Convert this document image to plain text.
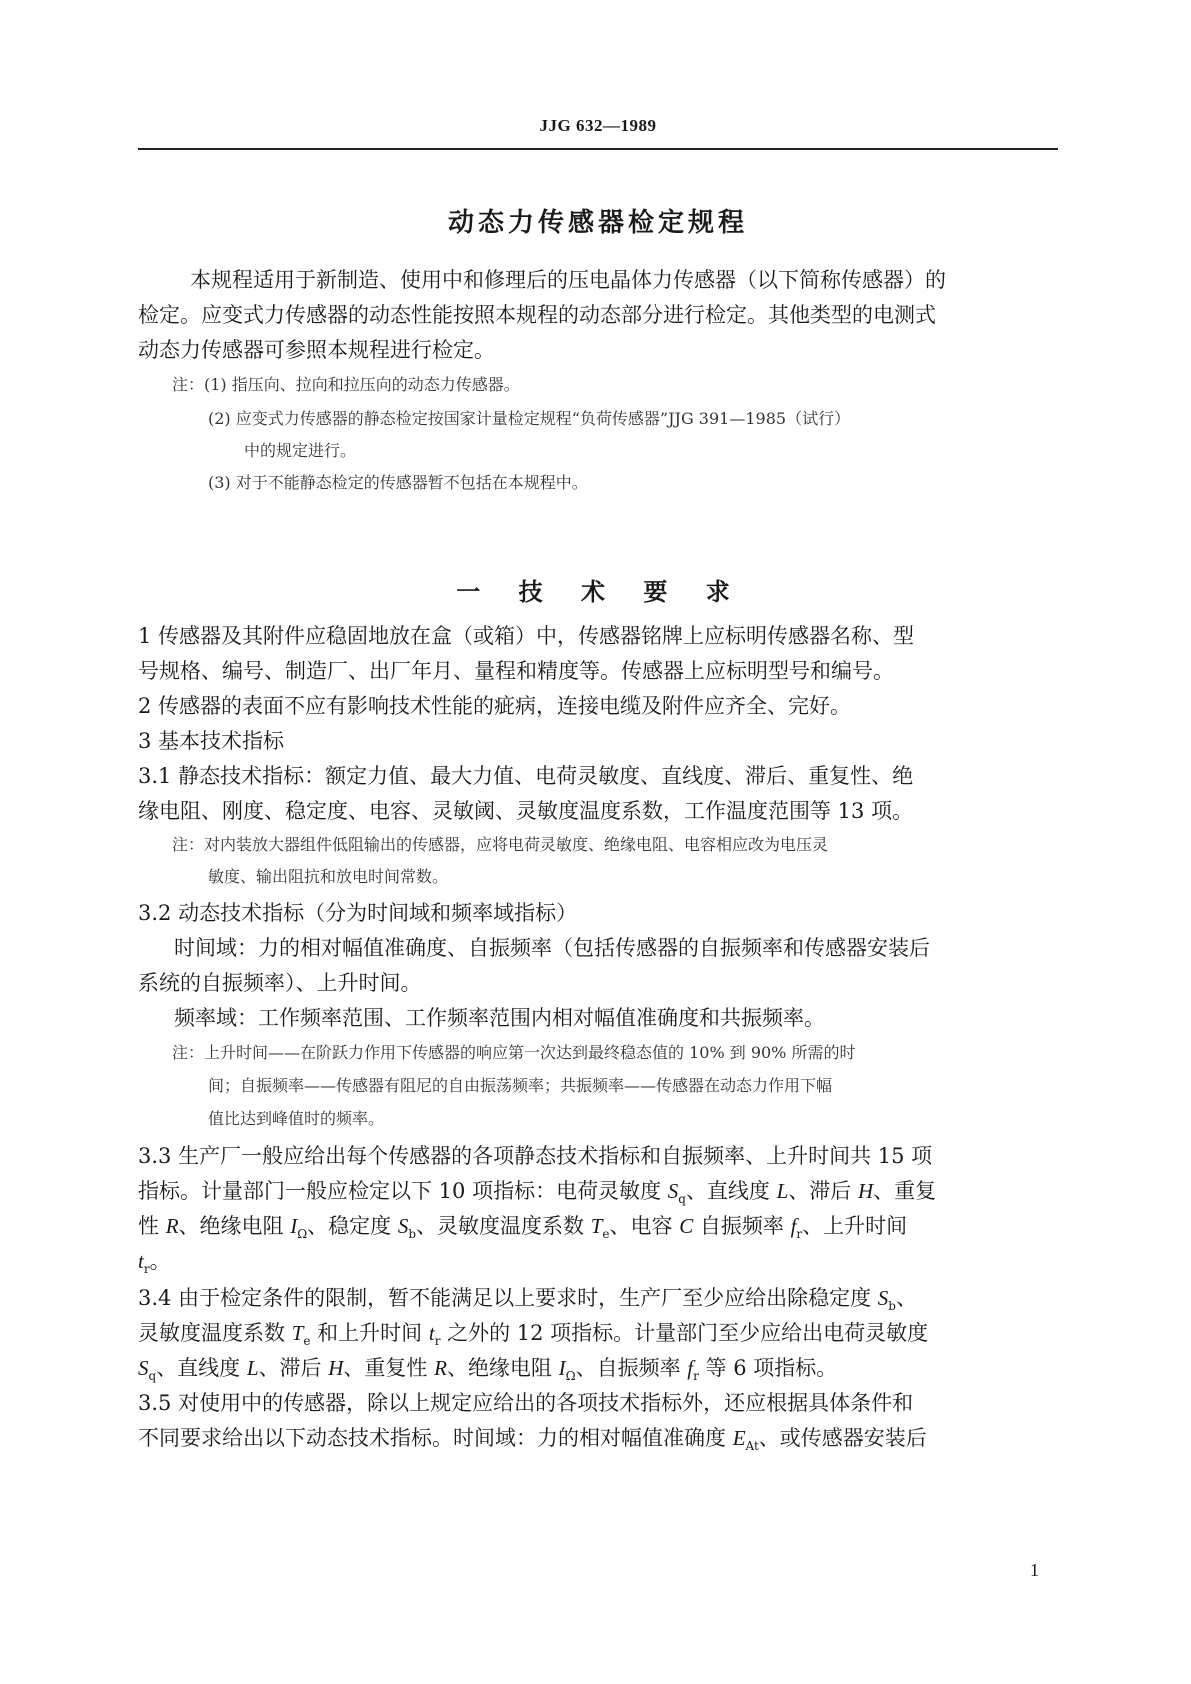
JJG 632—1989
动态力传感器检定规程
本规程适用于新制造、使用中和修理后的压电晶体力传感器（以下简称传感器）的
检定。应变式力传感器的动态性能按照本规程的动态部分进行检定。其他类型的电测式
动态力传感器可参照本规程进行检定。
注：(1) 指压向、拉向和拉压向的动态力传感器。
(2) 应变式力传感器的静态检定按国家计量检定规程“负荷传感器”JJG 391—1985（试行）
中的规定进行。
(3) 对于不能静态检定的传感器暂不包括在本规程中。
一 技 术 要 求
1 传感器及其附件应稳固地放在盒（或箱）中，传感器铭牌上应标明传感器名称、型
号规格、编号、制造厂、出厂年月、量程和精度等。传感器上应标明型号和编号。
2 传感器的表面不应有影响技术性能的疵病，连接电缆及附件应齐全、完好。
3 基本技术指标
3.1 静态技术指标：额定力值、最大力值、电荷灵敏度、直线度、滞后、重复性、绝
缘电阻、刚度、稳定度、电容、灵敏阈、灵敏度温度系数，工作温度范围等 13 项。
注：对内装放大器组件低阻输出的传感器，应将电荷灵敏度、绝缘电阻、电容相应改为电压灵
敏度、输出阻抗和放电时间常数。
3.2 动态技术指标（分为时间域和频率域指标）
时间域：力的相对幅值准确度、自振频率（包括传感器的自振频率和传感器安装后
系统的自振频率）、上升时间。
频率域：工作频率范围、工作频率范围内相对幅值准确度和共振频率。
注：上升时间——在阶跃力作用下传感器的响应第一次达到最终稳态值的 10% 到 90% 所需的时
间；自振频率——传感器有阻尼的自由振荡频率；共振频率——传感器在动态力作用下幅
值比达到峰值时的频率。
3.3 生产厂一般应给出每个传感器的各项静态技术指标和自振频率、上升时间共 15 项
指标。计量部门一般应检定以下 10 项指标：电荷灵敏度 $S_q$、直线度 L、滞后 H、重复
性 R、绝缘电阻 $I_\Omega$、稳定度 $S_b$、灵敏度温度系数 $T_e$、电容 C 自振频率 $f_r$、上升时间
$t_r$。
3.4 由于检定条件的限制，暂不能满足以上要求时，生产厂至少应给出除稳定度 $S_b$、
灵敏度温度系数 $T_e$ 和上升时间 $t_r$ 之外的 12 项指标。计量部门至少应给出电荷灵敏度
$S_q$、直线度 L、滞后 H、重复性 R、绝缘电阻 $I_\Omega$、自振频率 $f_r$ 等 6 项指标。
3.5 对使用中的传感器，除以上规定应给出的各项技术指标外，还应根据具体条件和
不同要求给出以下动态技术指标。时间域：力的相对幅值准确度 $E_{At}$、或传感器安装后
1
